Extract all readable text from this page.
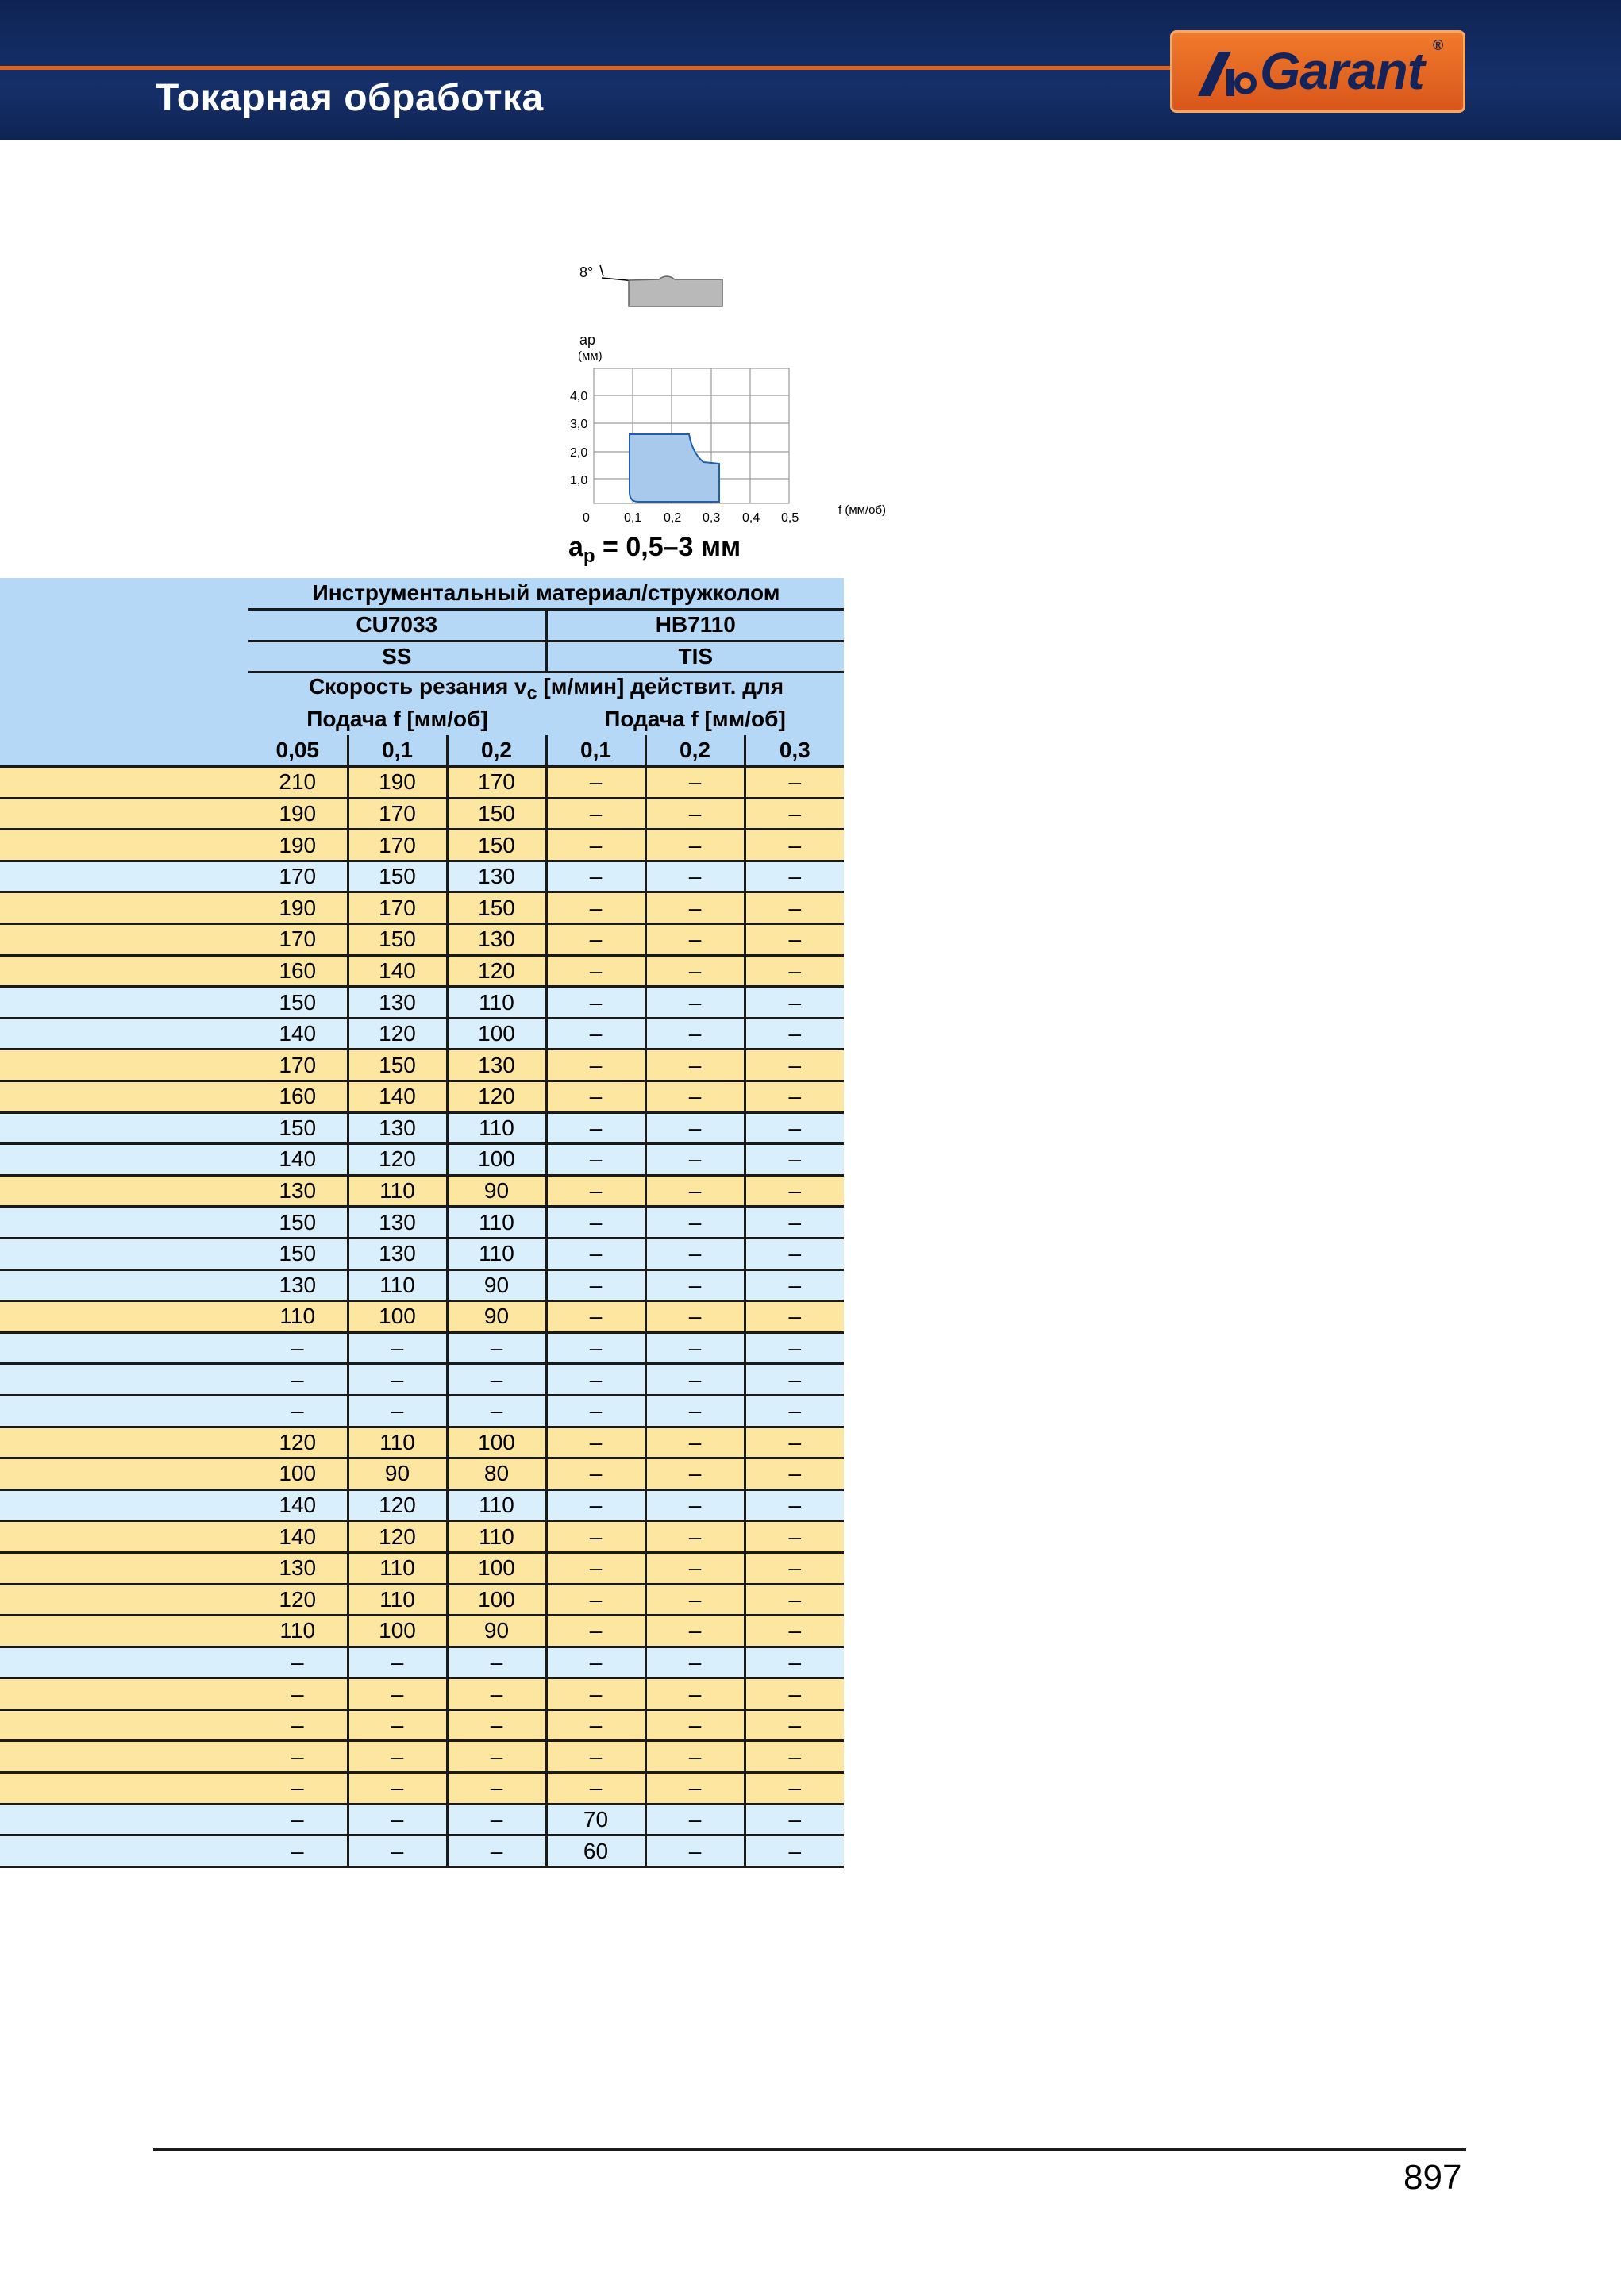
Токарная обработка	Garant ®
8°
ap
(мм)
4,0
3,0
2,0
1,0
0	0,1 0,2 0,3 0,4 0,5
f (мм/об)
$a_p = 0,5-3$ мм
	Инструментальный материал/стружколом					
	CU7033			HB7110		
	SS			TIS		
	Скорость резания $v_c$ [м/мин] действит. для					
	Подача f [мм/об]			Подача f [мм/об]		
	0,05	0,1	0,2	0,1	0,2	0,3
	210	190	170	–	–	–
	190	170	150	–	–	–
	190	170	150	–	–	–
	170	150	130	–	–	–
	190	170	150	–	–	–
	170	150	130	–	–	–
	160	140	120	–	–	–
	150	130	110	–	–	–
	140	120	100	–	–	–
	170	150	130	–	–	–
	160	140	120	–	–	–
	150	130	110	–	–	–
	140	120	100	–	–	–
	130	110	90	–	–	–
	150	130	110	–	–	–
	150	130	110	–	–	–
	130	110	90	–	–	–
	110	100	90	–	–	–
	–	–	–	–	–	–
	–	–	–	–	–	–
	–	–	–	–	–	–
	120	110	100	–	–	–
	100	90	80	–	–	–
	140	120	110	–	–	–
	140	120	110	–	–	–
	130	110	100	–	–	–
	120	110	100	–	–	–
	110	100	90	–	–	–
	–	–	–	–	–	–
	–	–	–	–	–	–
	–	–	–	–	–	–
	–	–	–	–	–	–
	–	–	–	–	–	–
	–	–	–	70	–	–
	–	–	–	60	–	–
897
